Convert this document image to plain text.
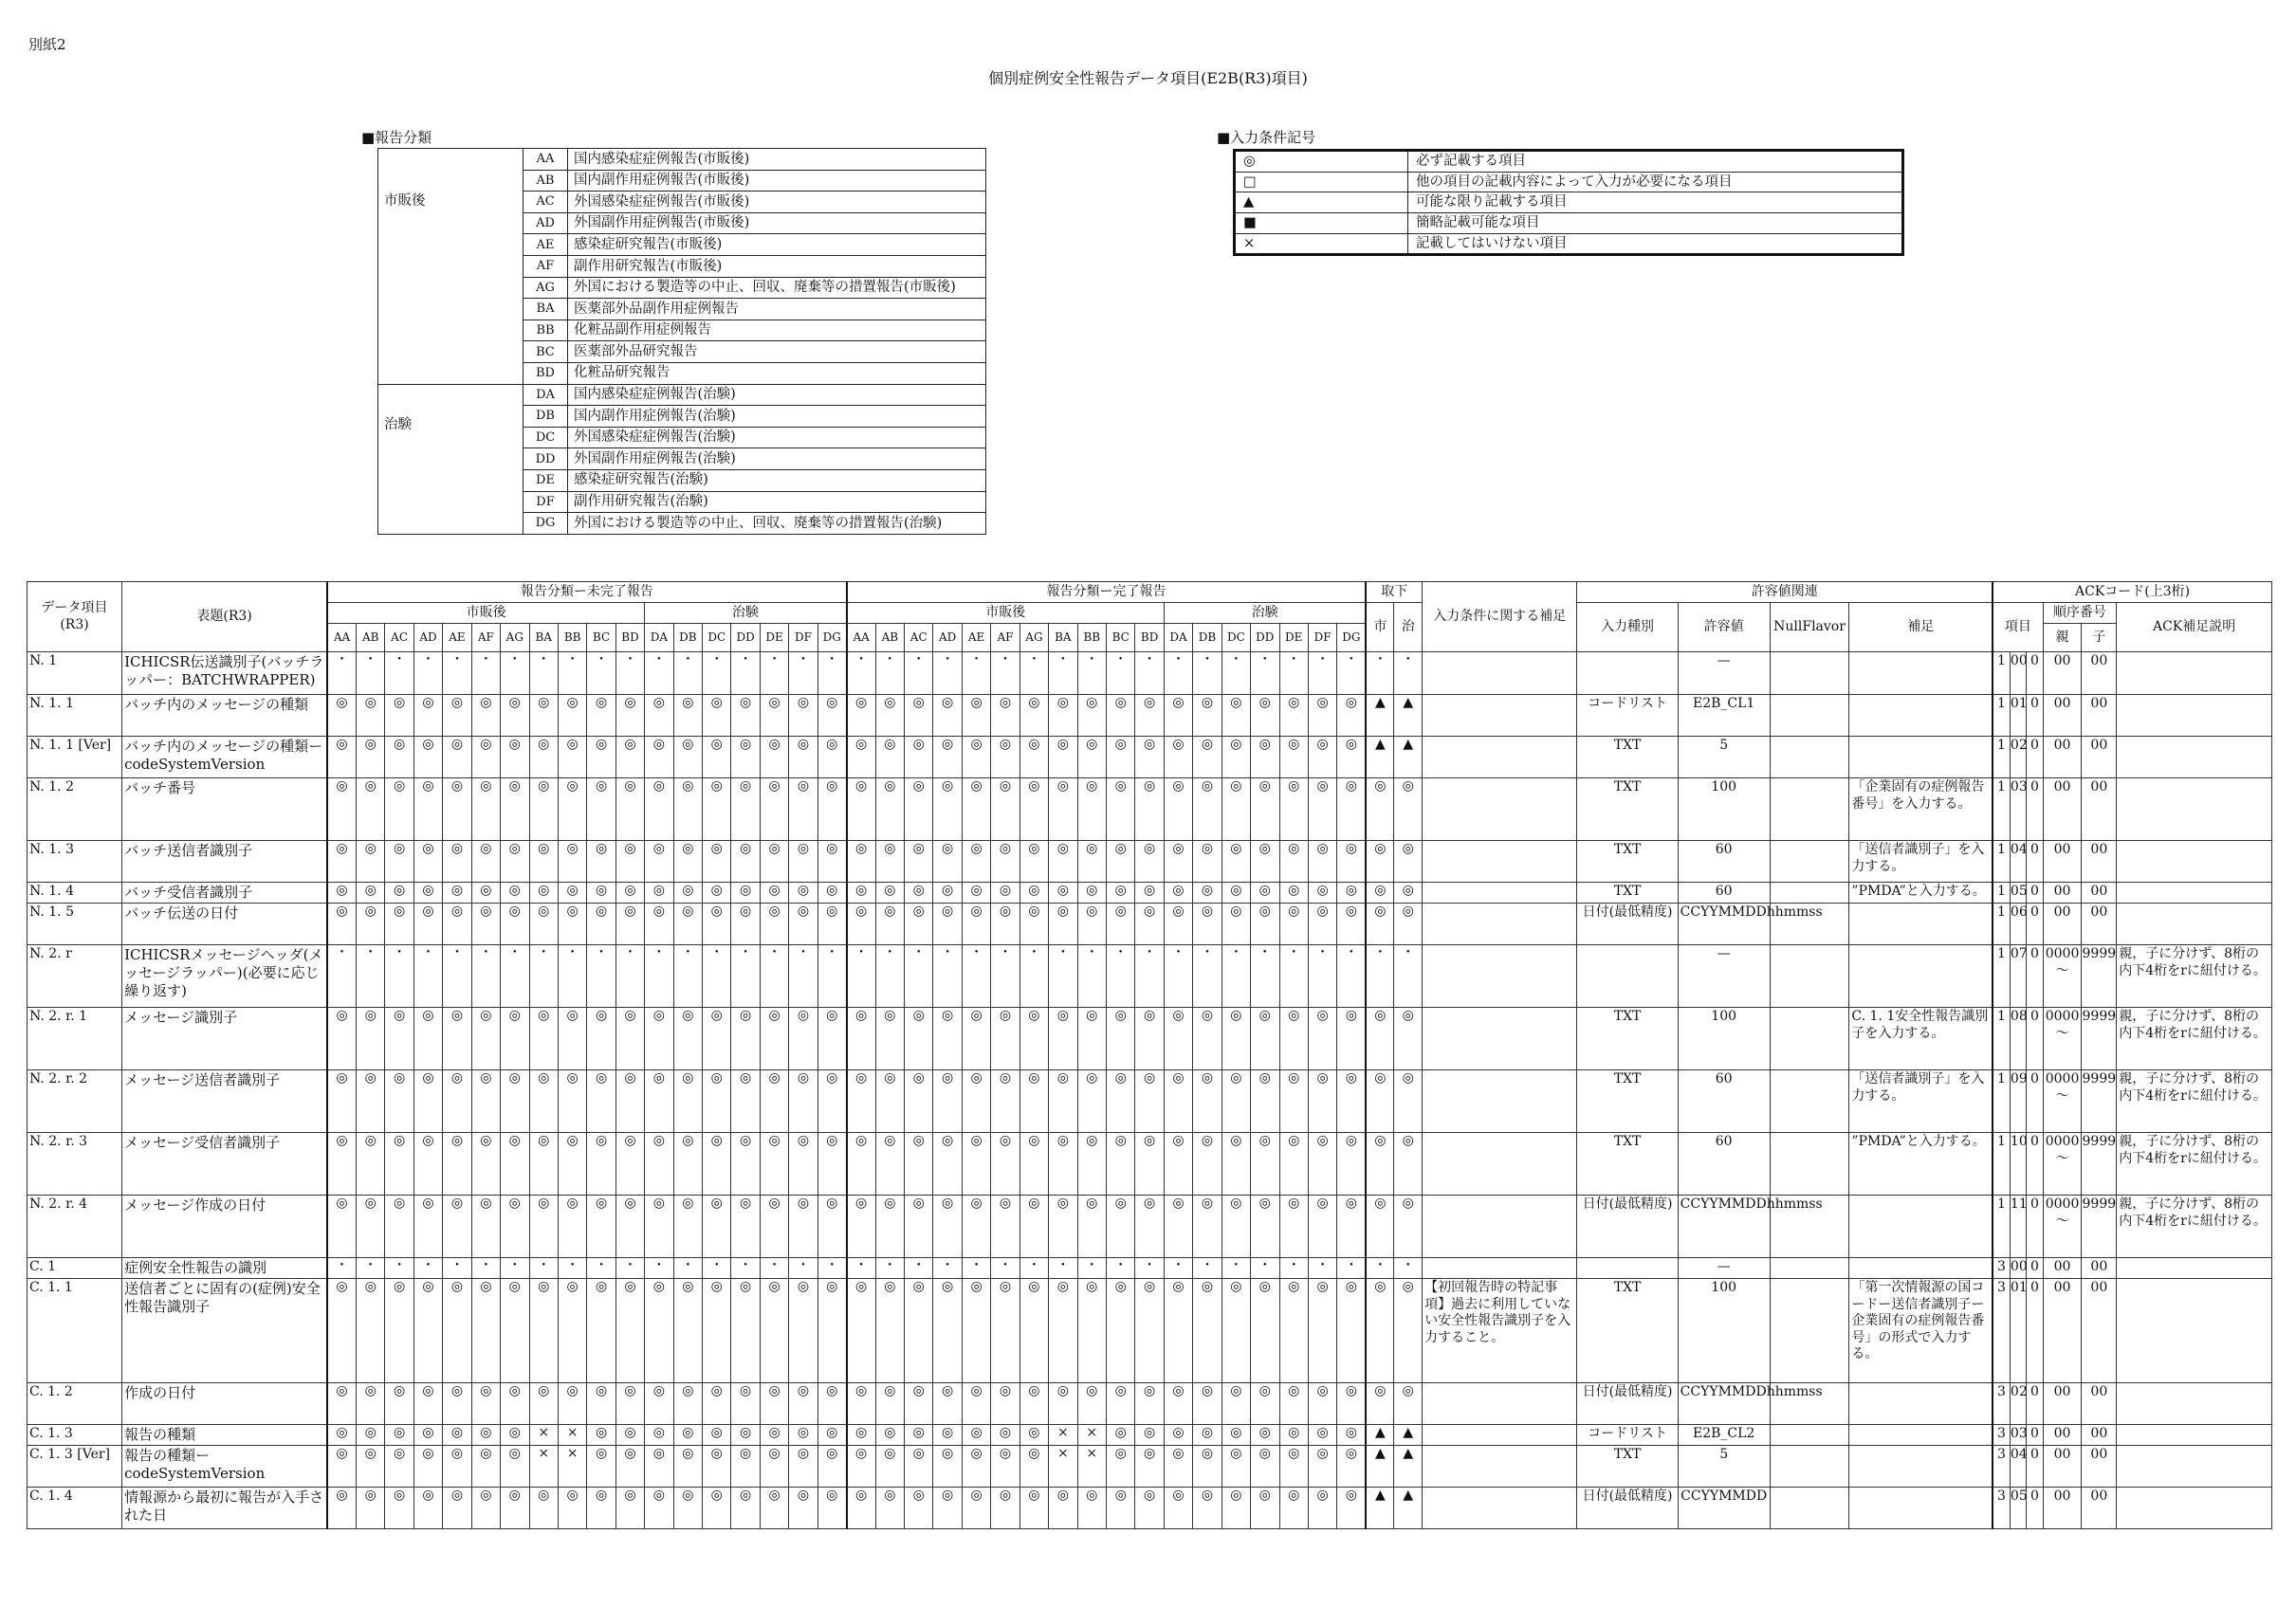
別紙2
個別症例安全性報告データ項目(E2B(R3)項目)
■報告分類
市販後	AA	国内感染症症例報告(市販後)
	AB	国内副作用症例報告(市販後)
	AC	外国感染症症例報告(市販後)
	AD	外国副作用症例報告(市販後)
	AE	感染症研究報告(市販後)
	AF	副作用研究報告(市販後)
	AG	外国における製造等の中止、回収、廃棄等の措置報告(市販後)
	BA	医薬部外品副作用症例報告
	BB	化粧品副作用症例報告
	BC	医薬部外品研究報告
	BD	化粧品研究報告
治験	DA	国内感染症症例報告(治験)
	DB	国内副作用症例報告(治験)
	DC	外国感染症症例報告(治験)
	DD	外国副作用症例報告(治験)
	DE	感染症研究報告(治験)
	DF	副作用研究報告(治験)
	DG	外国における製造等の中止、回収、廃棄等の措置報告(治験)
■入力条件記号
◎	必ず記載する項目
□	他の項目の記載内容によって入力が必要になる項目
▲	可能な限り記載する項目
■	簡略記載可能な項目
×	記載してはいけない項目
データ項目(R3)	表題(R3)	報告分類ー未完了報告																		報告分類ー完了報告																		取下		入力条件に関する補足	許容値関連				ACKコード(上3桁)					
		市販後											治験							市販後											治験							市	治		入力種別	許容値	NullFlavor	補足	項目			順序番号		ACK補足説明
		AA	AB	AC	AD	AE	AF	AG	BA	BB	BC	BD	DA	DB	DC	DD	DE	DF	DG	AA	AB	AC	AD	AE	AF	AG	BA	BB	BC	BD	DA	DB	DC	DD	DE	DF	DG											親	子	
N. 1	ICHICSR伝送識別子(バッチラッパー：BATCHWRAPPER)	・	・	・	・	・	・	・	・	・	・	・	・	・	・	・	・	・	・	・	・	・	・	・	・	・	・	・	・	・	・	・	・	・	・	・	・	・	・			—			1	00	0	00	00	
N. 1. 1	バッチ内のメッセージの種類	◎	◎	◎	◎	◎	◎	◎	◎	◎	◎	◎	◎	◎	◎	◎	◎	◎	◎	◎	◎	◎	◎	◎	◎	◎	◎	◎	◎	◎	◎	◎	◎	◎	◎	◎	◎	▲	▲		コードリスト	E2B_CL1			1	01	0	00	00	
N. 1. 1 [Ver]	バッチ内のメッセージの種類ーcodeSystemVersion	◎	◎	◎	◎	◎	◎	◎	◎	◎	◎	◎	◎	◎	◎	◎	◎	◎	◎	◎	◎	◎	◎	◎	◎	◎	◎	◎	◎	◎	◎	◎	◎	◎	◎	◎	◎	▲	▲		TXT	5			1	02	0	00	00	
N. 1. 2	バッチ番号	◎	◎	◎	◎	◎	◎	◎	◎	◎	◎	◎	◎	◎	◎	◎	◎	◎	◎	◎	◎	◎	◎	◎	◎	◎	◎	◎	◎	◎	◎	◎	◎	◎	◎	◎	◎	◎	◎		TXT	100		「企業固有の症例報告番号」を入力する。	1	03	0	00	00	
N. 1. 3	バッチ送信者識別子	◎	◎	◎	◎	◎	◎	◎	◎	◎	◎	◎	◎	◎	◎	◎	◎	◎	◎	◎	◎	◎	◎	◎	◎	◎	◎	◎	◎	◎	◎	◎	◎	◎	◎	◎	◎	◎	◎		TXT	60		「送信者識別子」を入力する。	1	04	0	00	00	
N. 1. 4	バッチ受信者識別子	◎	◎	◎	◎	◎	◎	◎	◎	◎	◎	◎	◎	◎	◎	◎	◎	◎	◎	◎	◎	◎	◎	◎	◎	◎	◎	◎	◎	◎	◎	◎	◎	◎	◎	◎	◎	◎	◎		TXT	60		”PMDA”と入力する。	1	05	0	00	00	
N. 1. 5	バッチ伝送の日付	◎	◎	◎	◎	◎	◎	◎	◎	◎	◎	◎	◎	◎	◎	◎	◎	◎	◎	◎	◎	◎	◎	◎	◎	◎	◎	◎	◎	◎	◎	◎	◎	◎	◎	◎	◎	◎	◎		日付(最低精度)	CCYYMMDDhhmmss			1	06	0	00	00	
N. 2. r	ICHICSRメッセージヘッダ(メッセージラッパー)(必要に応じ繰り返す)	・	・	・	・	・	・	・	・	・	・	・	・	・	・	・	・	・	・	・	・	・	・	・	・	・	・	・	・	・	・	・	・	・	・	・	・	・	・			—			1	07	0	0000～	9999	親，子に分けず、8桁の内下4桁をrに紐付ける。
N. 2. r. 1	メッセージ識別子	◎	◎	◎	◎	◎	◎	◎	◎	◎	◎	◎	◎	◎	◎	◎	◎	◎	◎	◎	◎	◎	◎	◎	◎	◎	◎	◎	◎	◎	◎	◎	◎	◎	◎	◎	◎	◎	◎		TXT	100		C. 1. 1安全性報告識別子を入力する。	1	08	0	0000～	9999	親，子に分けず、8桁の内下4桁をrに紐付ける。
N. 2. r. 2	メッセージ送信者識別子	◎	◎	◎	◎	◎	◎	◎	◎	◎	◎	◎	◎	◎	◎	◎	◎	◎	◎	◎	◎	◎	◎	◎	◎	◎	◎	◎	◎	◎	◎	◎	◎	◎	◎	◎	◎	◎	◎		TXT	60		「送信者識別子」を入力する。	1	09	0	0000～	9999	親，子に分けず、8桁の内下4桁をrに紐付ける。
N. 2. r. 3	メッセージ受信者識別子	◎	◎	◎	◎	◎	◎	◎	◎	◎	◎	◎	◎	◎	◎	◎	◎	◎	◎	◎	◎	◎	◎	◎	◎	◎	◎	◎	◎	◎	◎	◎	◎	◎	◎	◎	◎	◎	◎		TXT	60		”PMDA”と入力する。	1	10	0	0000～	9999	親，子に分けず、8桁の内下4桁をrに紐付ける。
N. 2. r. 4	メッセージ作成の日付	◎	◎	◎	◎	◎	◎	◎	◎	◎	◎	◎	◎	◎	◎	◎	◎	◎	◎	◎	◎	◎	◎	◎	◎	◎	◎	◎	◎	◎	◎	◎	◎	◎	◎	◎	◎	◎	◎		日付(最低精度)	CCYYMMDDhhmmss			1	11	0	0000～	9999	親，子に分けず、8桁の内下4桁をrに紐付ける。
C. 1	症例安全性報告の識別	・	・	・	・	・	・	・	・	・	・	・	・	・	・	・	・	・	・	・	・	・	・	・	・	・	・	・	・	・	・	・	・	・	・	・	・	・	・			—			3	00	0	00	00	
C. 1. 1	送信者ごとに固有の(症例)安全性報告識別子	◎	◎	◎	◎	◎	◎	◎	◎	◎	◎	◎	◎	◎	◎	◎	◎	◎	◎	◎	◎	◎	◎	◎	◎	◎	◎	◎	◎	◎	◎	◎	◎	◎	◎	◎	◎	◎	◎	【初回報告時の特記事項】過去に利用していない安全性報告識別子を入力すること。	TXT	100		「第一次情報源の国コードー送信者識別子ー企業固有の症例報告番号」の形式で入力する。	3	01	0	00	00	
C. 1. 2	作成の日付	◎	◎	◎	◎	◎	◎	◎	◎	◎	◎	◎	◎	◎	◎	◎	◎	◎	◎	◎	◎	◎	◎	◎	◎	◎	◎	◎	◎	◎	◎	◎	◎	◎	◎	◎	◎	◎	◎		日付(最低精度)	CCYYMMDDhhmmss			3	02	0	00	00	
C. 1. 3	報告の種類	◎	◎	◎	◎	◎	◎	◎	×	×	◎	◎	◎	◎	◎	◎	◎	◎	◎	◎	◎	◎	◎	◎	◎	◎	×	×	◎	◎	◎	◎	◎	◎	◎	◎	◎	▲	▲		コードリスト	E2B_CL2			3	03	0	00	00	
C. 1. 3 [Ver]	報告の種類ーcodeSystemVersion	◎	◎	◎	◎	◎	◎	◎	×	×	◎	◎	◎	◎	◎	◎	◎	◎	◎	◎	◎	◎	◎	◎	◎	◎	×	×	◎	◎	◎	◎	◎	◎	◎	◎	◎	▲	▲		TXT	5			3	04	0	00	00	
C. 1. 4	情報源から最初に報告が入手された日	◎	◎	◎	◎	◎	◎	◎	◎	◎	◎	◎	◎	◎	◎	◎	◎	◎	◎	◎	◎	◎	◎	◎	◎	◎	◎	◎	◎	◎	◎	◎	◎	◎	◎	◎	◎	▲	▲		日付(最低精度)	CCYYMMDD			3	05	0	00	00	
